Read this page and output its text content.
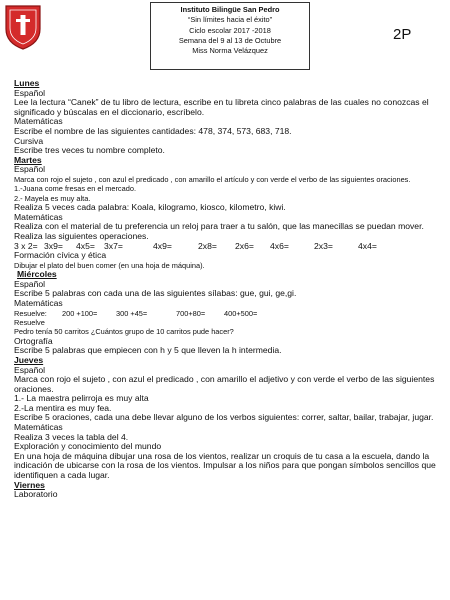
Instituto Bilingüe San Pedro
“Sin límites hacia el éxito”
Ciclo escolar 2017 -2018
Semana del 9 al 13 de Octubre
Miss Norma Velázquez
2P
Lunes
Español
Lee la lectura “Canek” de tu libro de lectura, escribe en tu libreta cinco palabras de las cuales no conozcas el significado y búscalas en el diccionario, escríbelo.
Matemáticas
Escribe el nombre de las siguientes cantidades: 478, 374, 573, 683, 718.
Cursiva
Escribe tres veces tu nombre completo.
Martes
Español
Marca con rojo el sujeto , con azul el predicado , con amarillo el artículo y con verde el verbo de las siguientes oraciones.
1.-Juana come fresas en el mercado.
2.- Mayela es muy alta.
Realiza 5 veces cada palabra: Koala, kilogramo, kiosco, kilometro, kiwi.
Matemáticas
Realiza con el material de tu preferencia un reloj para traer a tu salón, que las manecillas se puedan mover.
Realiza las siguientes operaciones.
3 x 2= 3x9= 4x5= 3x7=	4x9=	2x8= 2x6= 4x6=	2x3=	4x4=
Formación cívica y ética
Dibujar el plato del buen comer (en una hoja de máquina).
Miércoles
Español
Escribe 5 palabras con cada una de las siguientes sílabas: gue, gui, ge,gi.
Matemáticas
Resuelve: 200 +100=	300 +45=	700+80=	400+500=
Resuelve
Pedro tenía 50 carritos ¿Cuántos grupo de 10 carritos pude hacer?
Ortografía
Escribe 5 palabras que empiecen con h y 5 que lleven la h intermedia.
Jueves
Español
Marca con rojo el sujeto , con azul el predicado , con amarillo el adjetivo y con verde el verbo de las siguientes oraciones.
1.- La maestra pelirroja es muy alta
2.-La mentira es muy fea.
Escribe 5 oraciones, cada una debe llevar alguno de los verbos siguientes: correr, saltar, bailar, trabajar, jugar.
Matemáticas
Realiza 3 veces la tabla del 4.
Exploración y conocimiento del mundo
En una hoja de máquina dibujar una rosa de los vientos, realizar un croquis de tu casa a la escuela, dando la indicación de ubicarse con la rosa de los vientos. Impulsar a los niños para que pongan símbolos sencillos que identifiquen a cada lugar.
Viernes
Laboratorio
